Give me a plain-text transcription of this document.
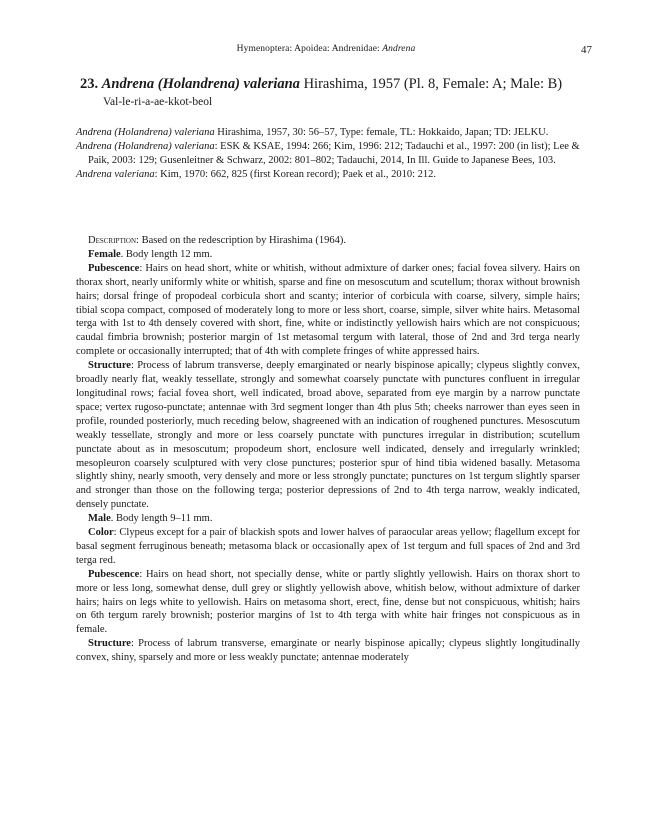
Hymenoptera: Apoidea: Andrenidae: Andrena	47
23. Andrena (Holandrena) valeriana Hirashima, 1957 (Pl. 8, Female: A; Male: B)
Val-le-ri-a-ae-kkot-beol

Andrena (Holandrena) valeriana Hirashima, 1957, 30: 56–57, Type: female, TL: Hokkaido, Japan; TD: JELKU.

Andrena (Holandrena) valeriana: ESK & KSAE, 1994: 266; Kim, 1996: 212; Tadauchi et al., 1997: 200 (in list); Lee & Paik, 2003: 129; Gusenleitner & Schwarz, 2002: 801–802; Tadauchi, 2014, In Ill. Guide to Japanese Bees, 103.

Andrena valeriana: Kim, 1970: 662, 825 (first Korean record); Paek et al., 2010: 212.

Description: Based on the redescription by Hirashima (1964).

Female. Body length 12 mm.

Pubescence: Hairs on head short, white or whitish, without admixture of darker ones; facial fovea silvery. Hairs on thorax short, nearly uniformly white or whitish, sparse and fine on mesoscutum and scutellum; thorax without brownish hairs; dorsal fringe of propodeal corbicula short and scanty; interior of corbicula with coarse, silvery, simple hairs; tibial scopa compact, composed of moderately long to more or less short, coarse, simple, silver white hairs. Metasomal terga with 1st to 4th densely covered with short, fine, white or indistinctly yellowish hairs which are not conspicuous; caudal fimbria brownish; posterior margin of 1st metasomal tergum with lateral, those of 2nd and 3rd terga nearly complete or occasionally interrupted; that of 4th with complete fringes of white appressed hairs.

Structure: Process of labrum transverse, deeply emarginated or nearly bispinose apically; clypeus slightly convex, broadly nearly flat, weakly tessellate, strongly and somewhat coarsely punctate with punctures confluent in irregular longitudinal rows; facial fovea short, well indicated, broad above, separated from eye margin by a narrow punctate space; vertex rugoso-punctate; antennae with 3rd segment longer than 4th plus 5th; cheeks narrower than eyes seen in profile, rounded posteriorly, much receding below, shagreened with an indication of roughened punctures. Mesoscutum weakly tessellate, strongly and more or less coarsely punctate with punctures irregular in distribution; scutellum punctate about as in mesoscutum; propodeum short, enclosure well indicated, densely and irregularly wrinkled; mesopleuron coarsely sculptured with very close punctures; posterior spur of hind tibia widened basally. Metasoma slightly shiny, nearly smooth, very densely and more or less strongly punctate; punctures on 1st tergum slightly sparser and stronger than those on the following terga; posterior depressions of 2nd to 4th terga narrow, weakly indicated, densely punctate.

Male. Body length 9–11 mm.

Color: Clypeus except for a pair of blackish spots and lower halves of paraocular areas yellow; flagellum except for basal segment ferruginous beneath; metasoma black or occasionally apex of 1st tergum and full spaces of 2nd and 3rd terga red.

Pubescence: Hairs on head short, not specially dense, white or partly slightly yellowish. Hairs on thorax short to more or less long, somewhat dense, dull grey or slightly yellowish above, whitish below, without admixture of darker hairs; hairs on legs white to yellowish. Hairs on metasoma short, erect, fine, dense but not conspicuous, whitish; hairs on 6th tergum rarely brownish; posterior margins of 1st to 4th terga with white hair fringes not conspicuous as in female.

Structure: Process of labrum transverse, emarginate or nearly bispinose apically; clypeus slightly longitudinally convex, shiny, sparsely and more or less weakly punctate; antennae moderately
